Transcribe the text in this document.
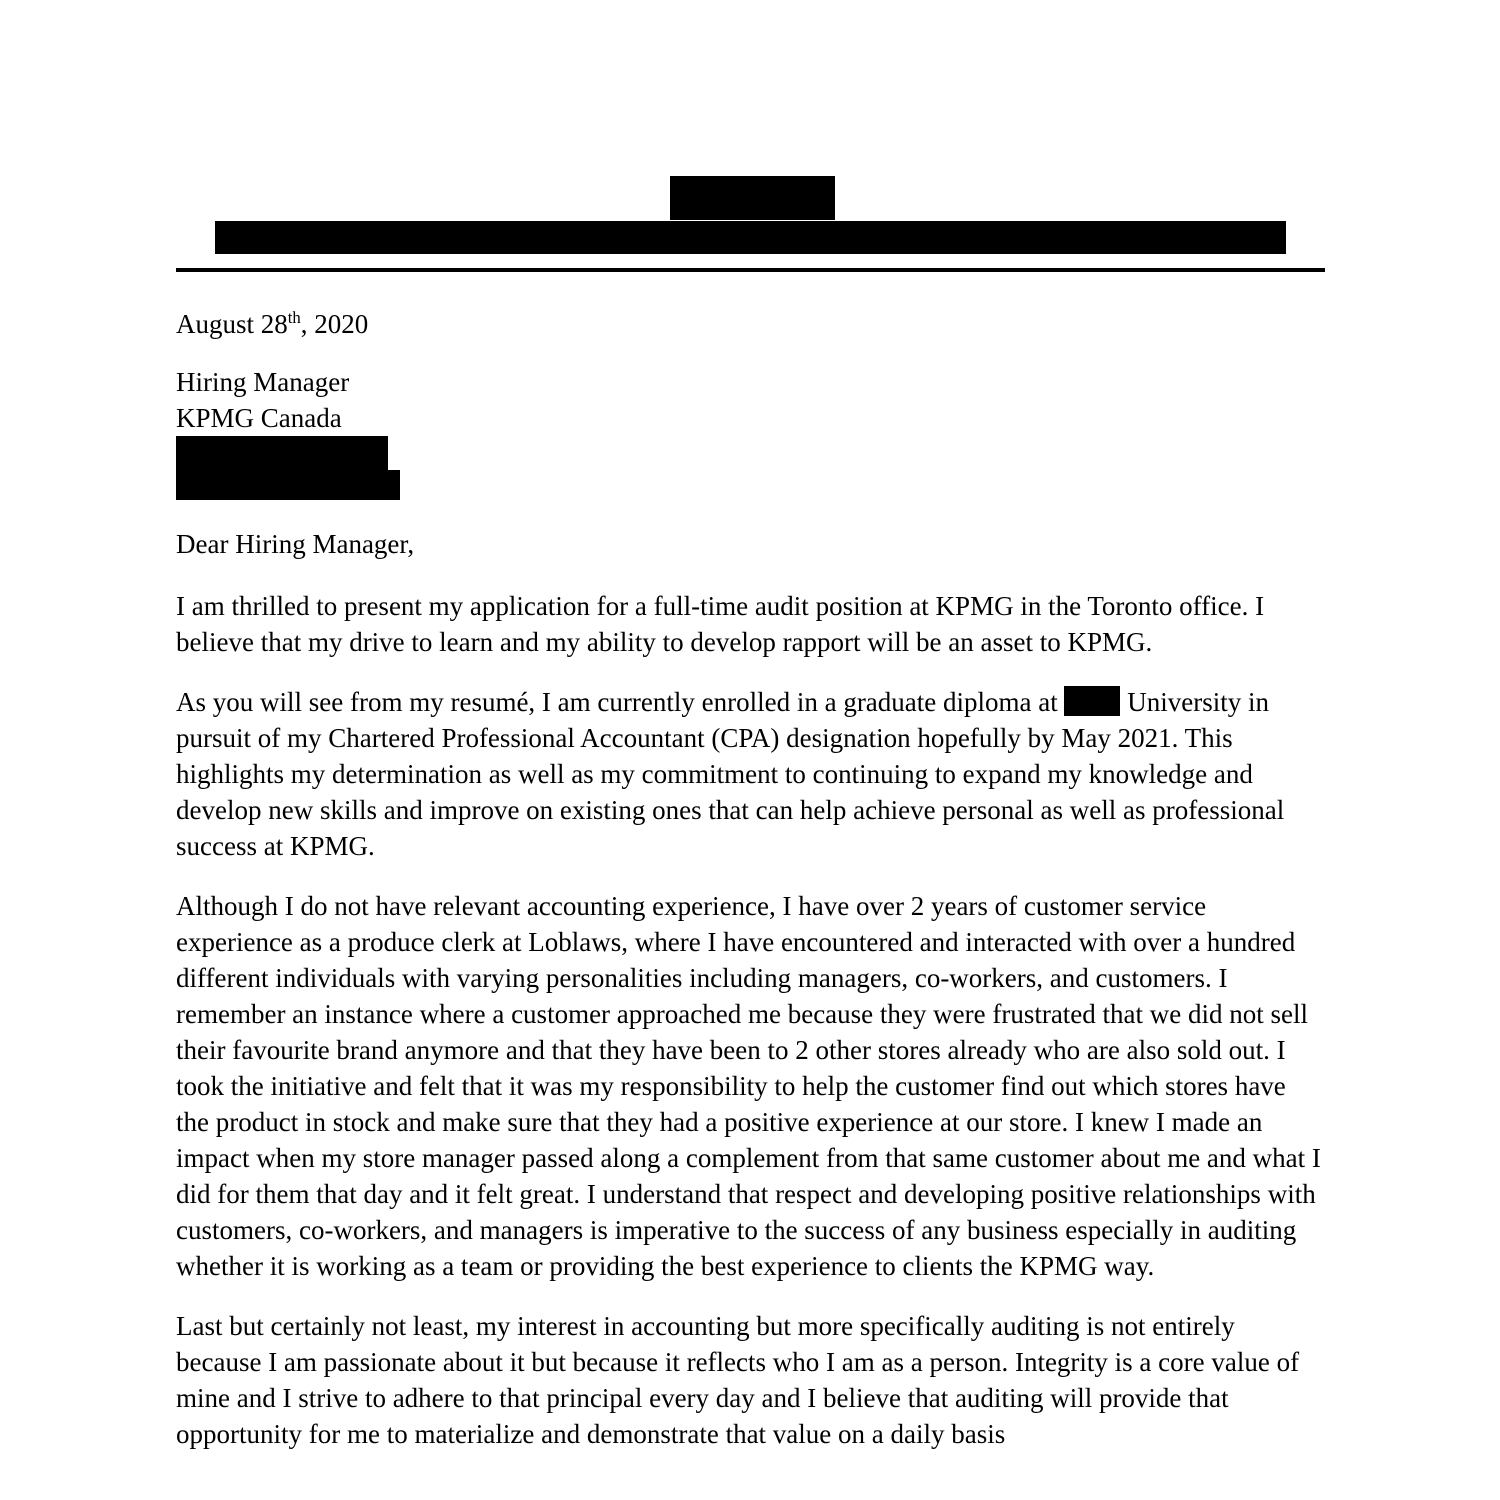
August 28th, 2020

Hiring Manager
KPMG Canada

Dear Hiring Manager,

I am thrilled to present my application for a full-time audit position at KPMG in the Toronto office. I believe that my drive to learn and my ability to develop rapport will be an asset to KPMG.

As you will see from my resumé, I am currently enrolled in a graduate diploma at  University in pursuit of my Chartered Professional Accountant (CPA) designation hopefully by May 2021. This highlights my determination as well as my commitment to continuing to expand my knowledge and develop new skills and improve on existing ones that can help achieve personal as well as professional success at KPMG.

Although I do not have relevant accounting experience, I have over 2 years of customer service experience as a produce clerk at Loblaws, where I have encountered and interacted with over a hundred different individuals with varying personalities including managers, co-workers, and customers. I remember an instance where a customer approached me because they were frustrated that we did not sell their favourite brand anymore and that they have been to 2 other stores already who are also sold out. I took the initiative and felt that it was my responsibility to help the customer find out which stores have the product in stock and make sure that they had a positive experience at our store. I knew I made an impact when my store manager passed along a complement from that same customer about me and what I did for them that day and it felt great. I understand that respect and developing positive relationships with customers, co-workers, and managers is imperative to the success of any business especially in auditing whether it is working as a team or providing the best experience to clients the KPMG way.

Last but certainly not least, my interest in accounting but more specifically auditing is not entirely because I am passionate about it but because it reflects who I am as a person. Integrity is a core value of mine and I strive to adhere to that principal every day and I believe that auditing will provide that opportunity for me to materialize and demonstrate that value on a daily basis
